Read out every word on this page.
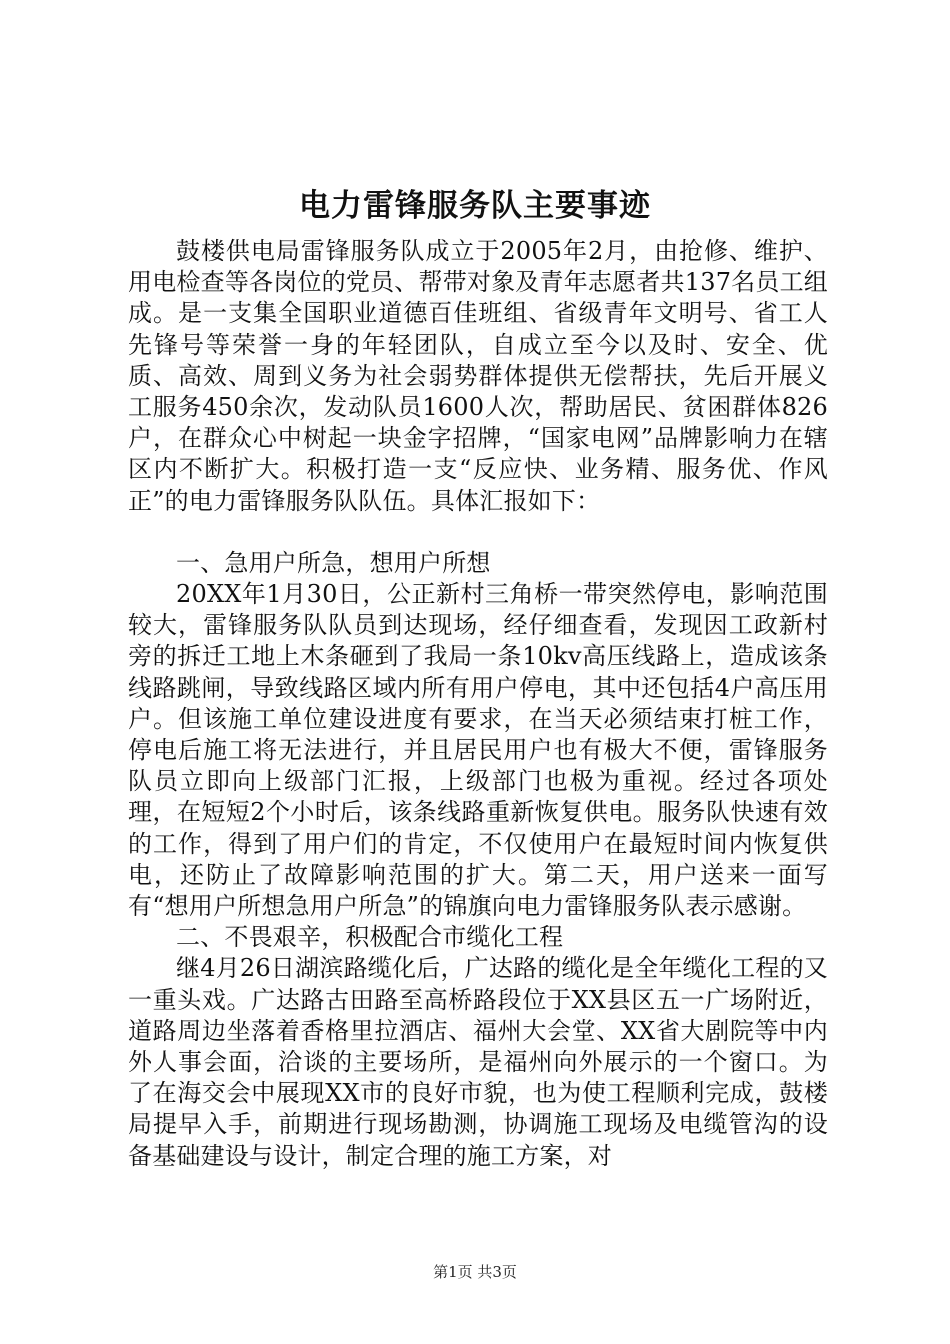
电力雷锋服务队主要事迹

鼓楼供电局雷锋服务队成立于2005年2月，由抢修、维护、用电检查等各岗位的党员、帮带对象及青年志愿者共137名员工组成。是一支集全国职业道德百佳班组、省级青年文明号、省工人先锋号等荣誉一身的年轻团队，自成立至今以及时、安全、优质、高效、周到义务为社会弱势群体提供无偿帮扶，先后开展义工服务450余次，发动队员1600人次，帮助居民、贫困群体826户，在群众心中树起一块金字招牌，“国家电网”品牌影响力在辖区内不断扩大。积极打造一支“反应快、业务精、服务优、作风正”的电力雷锋服务队队伍。具体汇报如下：

一、急用户所急，想用户所想

20XX年1月30日，公正新村三角桥一带突然停电，影响范围较大，雷锋服务队队员到达现场，经仔细查看，发现因工政新村旁的拆迁工地上木条砸到了我局一条10kv高压线路上，造成该条线路跳闸，导致线路区域内所有用户停电，其中还包括4户高压用户。但该施工单位建设进度有要求，在当天必须结束打桩工作，停电后施工将无法进行，并且居民用户也有极大不便，雷锋服务队员立即向上级部门汇报，上级部门也极为重视。经过各项处理，在短短2个小时后，该条线路重新恢复供电。服务队快速有效的工作，得到了用户们的肯定，不仅使用户在最短时间内恢复供电，还防止了故障影响范围的扩大。第二天，用户送来一面写有“想用户所想急用户所急”的锦旗向电力雷锋服务队表示感谢。

二、不畏艰辛，积极配合市缆化工程

继4月26日湖滨路缆化后，广达路的缆化是全年缆化工程的又一重头戏。广达路古田路至高桥路段位于XX县区五一广场附近，道路周边坐落着香格里拉酒店、福州大会堂、XX省大剧院等中内外人事会面，洽谈的主要场所，是福州向外展示的一个窗口。为了在海交会中展现XX市的良好市貌，也为使工程顺利完成，鼓楼局提早入手，前期进行现场勘测，协调施工现场及电缆管沟的设备基础建设与设计，制定合理的施工方案，对

第1页 共3页
